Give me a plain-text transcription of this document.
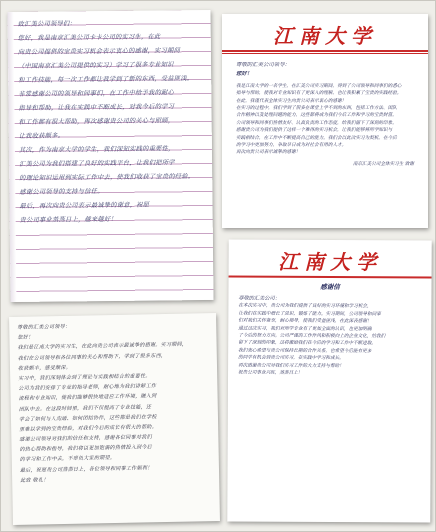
致汇美公司领导们：
您好，我是南京汇美公司卡卡公司的实习生，在此
向贵公司提供的宝贵实习机会表示衷心的感谢，实习期间
（中国南京汇美公司提供的实习）学习了很多专业知识
和工作技能，每一次工作都让我学到了新的东西，受益匪浅。
非常感谢公司的领导和同事们，在工作中给予我的耐心
指导和帮助，让我在实践中不断成长，对我今后的学习
和工作都有很大帮助，再次感谢贵公司的关心与照顾，
让我收获颇多。
其次，作为南京大学的学生，我们深知实践的重要性，
汇美公司为我们搭建了良好的实践平台，让我们把所学
的理论知识运用到实际工作中去，使我们收获了宝贵的经验。
感谢公司领导的支持与信任。
最后，再次向贵公司表示最诚挚的谢意，祝愿
贵公司事业蒸蒸日上，越来越好！
江南大学
尊敬的汇美公司领导：
您好！
我是江南大学的一名学生，在汇美公司实习期间，得到了公司领导和同事们的悉心
指导与帮助，使我对专业知识有了更深入的理解，也让我积累了宝贵的实践经验。
在此，我谨代表全体实习生向贵公司表示衷心的感谢！
在实习的过程中，我们学到了很多在课堂上学不到的东西，包括工作方法、团队
合作精神以及处理问题的能力，这些都将成为我们今后工作和学习的宝贵财富。
公司领导和同事们热情友好、认真负责的工作态度，给我们留下了深刻的印象。
感谢贵公司为我们提供了这样一个难得的实习机会，让我们能够将所学知识与
实践相结合，在工作中不断提高自己的能力。我们会以此次实习为契机，在今后
的学习中更加努力，争取早日成为对社会有用的人才。
再次向贵公司表示诚挚的感谢！
南京汇美公司全体实习生 致谢
尊敬的汇美公司领导：
您好！
我们是江南大学的实习生，在此向贵公司表示最诚挚的感谢。实习期间，
我们在公司领导和各位同事的关心和帮助下，学到了很多东西，
收获颇丰，感受颇深。
实习中，我们深刻体会到了理论与实践相结合的重要性。
公司为我们安排了专业的指导老师，耐心地为我们讲解工作
流程和专业知识，使我们能够很快地适应工作环境，融入到
团队中去。在这段时间里，我们不仅提高了专业技能，还
学会了如何与人沟通、如何团结协作，这些都是我们在学校
里难以学到的宝贵经验，对我们今后的成长有很大的帮助。
感谢公司领导对我们的信任和支持，感谢各位同事对我们
的热心帮助和指导，我们将以更加饱满的热情投入到今后
的学习和工作中去，不辜负大家的期望。
最后，祝愿贵公司蒸蒸日上，各位领导和同事工作顺利！
此致 敬礼！
江南大学
感谢信
尊敬的汇美公司：
在本次实习中，贵公司为我们提供了良好的实习环境和学习机会，
让我们在实践中增长了见识，锻炼了能力。实习期间，公司领导和同事
们对我们关怀备至，耐心指导，使我们受益匪浅，在此深表感谢！
通过这次实习，我们对所学专业有了更加全面的认识，也更加明确
了今后的努力方向。公司严谨的工作作风和积极向上的企业文化，给我们
留下了深刻的印象，这将激励我们在今后的学习和工作中不断进取。
我们衷心希望与贵公司保持长期的合作关系，也希望今后能有更多
的同学有机会到贵公司实习，在实践中学习和成长。
再次感谢贵公司对我们实习工作的大力支持与帮助！
祝贵公司事业兴旺，蒸蒸日上！
